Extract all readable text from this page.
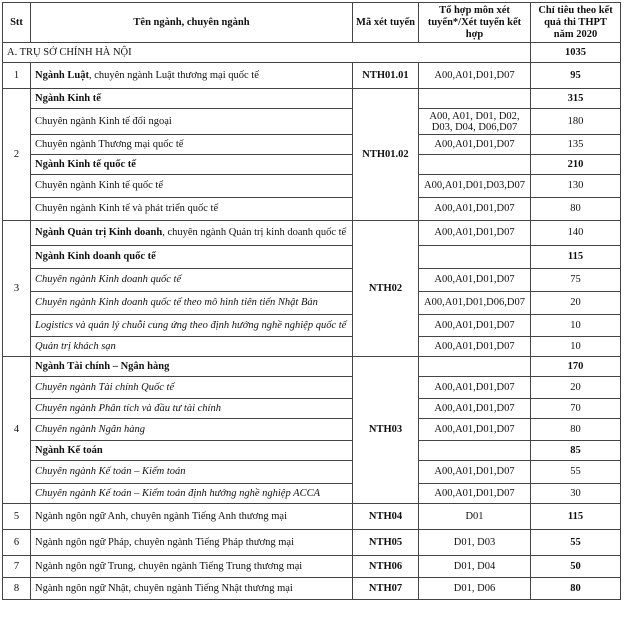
Stt	Tên ngành, chuyên ngành	Mã xét tuyển	Tổ hợp môn xét tuyển*/Xét tuyển kết hợp	Chỉ tiêu theo kết quả thi THPT năm 2020
A. TRỤ SỞ CHÍNH HÀ NỘI				1035
1	Ngành Luật, chuyên ngành Luật thương mại quốc tế	NTH01.01	A00,A01,D01,D07	95
2	Ngành Kinh tế	NTH01.02		315
	Chuyên ngành Kinh tế đối ngoại		A00, A01, D01, D02, D03, D04, D06,D07	180
	Chuyên ngành Thương mại quốc tế		A00,A01,D01,D07	135
	Ngành Kinh tế quốc tế			210
	Chuyên ngành Kinh tế quốc tế		A00,A01,D01,D03,D07	130
	Chuyên ngành Kinh tế và phát triển quốc tế		A00,A01,D01,D07	80
3	Ngành Quản trị Kinh doanh, chuyên ngành Quản trị kinh doanh quốc tế	NTH02	A00,A01,D01,D07	140
	Ngành Kinh doanh quốc tế			115
	Chuyên ngành Kinh doanh quốc tế		A00,A01,D01,D07	75
	Chuyên ngành Kinh doanh quốc tế theo mô hình tiên tiến Nhật Bản		A00,A01,D01,D06,D07	20
	Logistics và quản lý chuỗi cung ứng theo định hướng nghề nghiệp quốc tế		A00,A01,D01,D07	10
	Quản trị khách sạn		A00,A01,D01,D07	10
4	Ngành Tài chính – Ngân hàng	NTH03		170
	Chuyên ngành Tài chính Quốc tế		A00,A01,D01,D07	20
	Chuyên ngành Phân tích và đầu tư tài chính		A00,A01,D01,D07	70
	Chuyên ngành Ngân hàng		A00,A01,D01,D07	80
	Ngành Kế toán			85
	Chuyên ngành Kế toán – Kiểm toán		A00,A01,D01,D07	55
	Chuyên ngành Kế toán – Kiểm toán định hướng nghề nghiệp ACCA		A00,A01,D01,D07	30
5	Ngành ngôn ngữ Anh, chuyên ngành Tiếng Anh thương mại	NTH04	D01	115
6	Ngành ngôn ngữ Pháp, chuyên ngành Tiếng Pháp thương mại	NTH05	D01, D03	55
7	Ngành ngôn ngữ Trung, chuyên ngành Tiếng Trung thương mại	NTH06	D01, D04	50
8	Ngành ngôn ngữ Nhật, chuyên ngành Tiếng Nhật thương mại	NTH07	D01, D06	80
